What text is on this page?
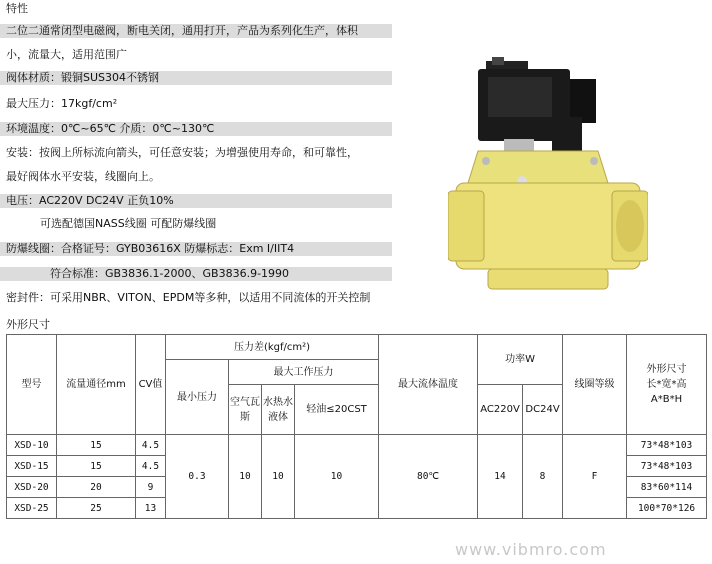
特性
二位二通常闭型电磁阀，断电关闭，通用打开，产品为系列化生产，体积
小，流量大，适用范围广
阀体材质：锻铜SUS304不锈钢
最大压力：17kgf/cm²
环境温度：0℃~65℃ 介质：0℃~130℃
安装：按阀上所标流向箭头，可任意安装；为增强使用寿命，和可靠性，
最好阀体水平安装，线圈向上。
电压：AC220V DC24V 正负10%
可选配德国NASS线圈 可配防爆线圈
防爆线圈：合格证号：GYB03616X 防爆标志：Exm I/IIT4
符合标准：GB3836.1-2000、GB3836.9-1990
密封件：可采用NBR、VITON、EPDM等多种，以适用不同流体的开关控制
外形尺寸
型号	流量通径mm	CV值	压力差(kgf/cm²)				最大流体温度	功率W		线圈等级	外形尺寸
长*宽*高
A*B*H

			最小压力	最大工作压力							
				空气瓦斯	水热水液体	轻油≤20CST		AC220V	DC24V		

XSD-10	15	4.5	0.3	10	10	10	80℃	14	8	F	73*48*103
XSD-15	15	4.5									73*48*103
XSD-20	20	9									83*60*114
XSD-25	25	13									100*70*126
www.vibmro.com
